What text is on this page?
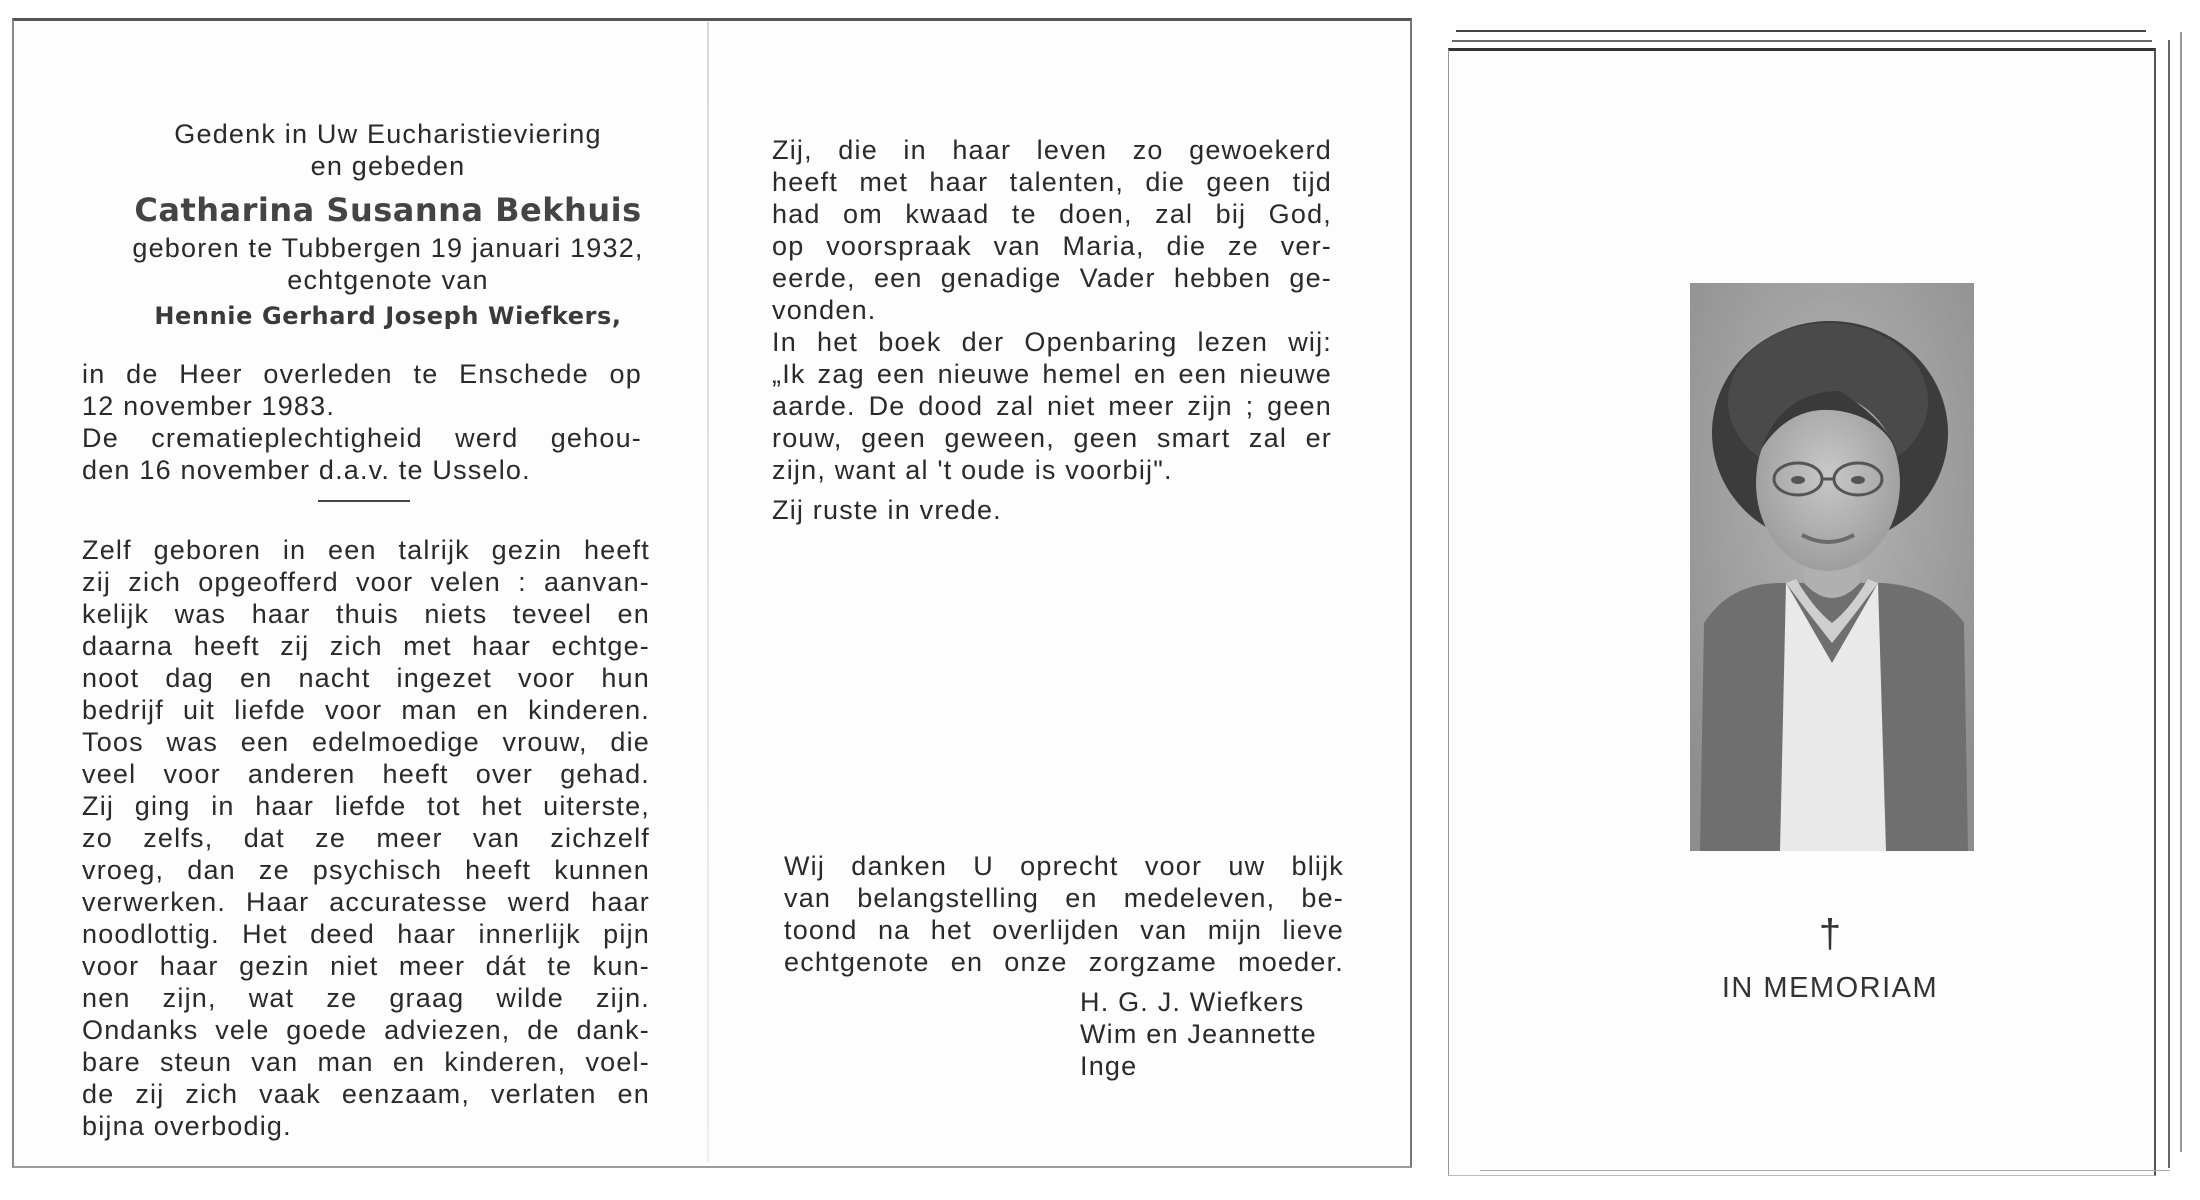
Gedenk in Uw Eucharistieviering
en gebeden
Catharina Susanna Bekhuis
geboren te Tubbergen 19 januari 1932,
echtgenote van
Hennie Gerhard Joseph Wiefkers,
in de Heer overleden te Enschede op
12 november 1983.
De crematieplechtigheid werd gehou-
den 16 november d.a.v. te Usselo.
Zelf geboren in een talrijk gezin heeft
zij zich opgeofferd voor velen : aanvan-
kelijk was haar thuis niets teveel en
daarna heeft zij zich met haar echtge-
noot dag en nacht ingezet voor hun
bedrijf uit liefde voor man en kinderen.
Toos was een edelmoedige vrouw, die
veel voor anderen heeft over gehad.
Zij ging in haar liefde tot het uiterste,
zo zelfs, dat ze meer van zichzelf
vroeg, dan ze psychisch heeft kunnen
verwerken. Haar accuratesse werd haar
noodlottig. Het deed haar innerlijk pijn
voor haar gezin niet meer dát te kun-
nen zijn, wat ze graag wilde zijn.
Ondanks vele goede adviezen, de dank-
bare steun van man en kinderen, voel-
de zij zich vaak eenzaam, verlaten en
bijna overbodig.
Zij, die in haar leven zo gewoekerd
heeft met haar talenten, die geen tijd
had om kwaad te doen, zal bij God,
op voorspraak van Maria, die ze ver-
eerde, een genadige Vader hebben ge-
vonden.
In het boek der Openbaring lezen wij:
„Ik zag een nieuwe hemel en een nieuwe
aarde. De dood zal niet meer zijn ; geen
rouw, geen geween, geen smart zal er
zijn, want al 't oude is voorbij".
Zij ruste in vrede.
Wij danken U oprecht voor uw blijk
van belangstelling en medeleven, be-
toond na het overlijden van mijn lieve
echtgenote en onze zorgzame moeder.
H. G. J. Wiefkers
Wim en Jeannette
Inge
†
IN MEMORIAM
